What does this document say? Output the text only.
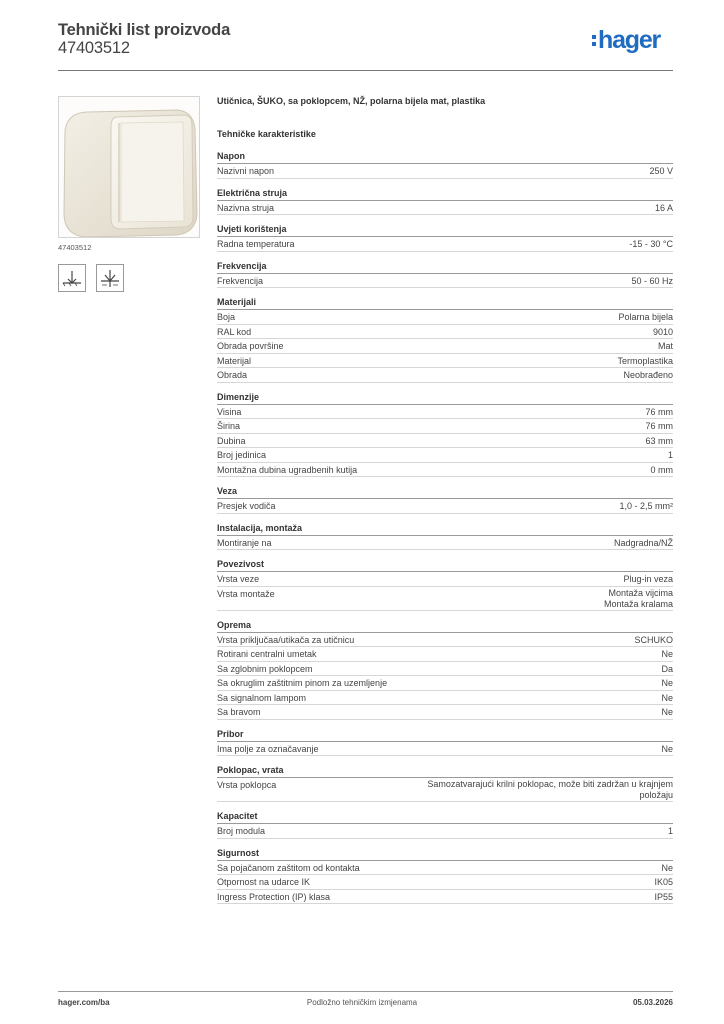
Tehnički list proizvoda
47403512	hager
47403512
Utičnica, ŠUKO, sa poklopcem, NŽ, polarna bijela mat, plastika
Tehničke karakteristike
Napon
Nazivni napon	250 V
Električna struja
Nazivna struja	16 A
Uvjeti korištenja
Radna temperatura	-15 - 30 °C
Frekvencija
Frekvencija	50 - 60 Hz
Materijali
Boja	Polarna bijela
RAL kod	9010
Obrada površine	Mat
Materijal	Termoplastika
Obrada	Neobrađeno
Dimenzije
Visina	76 mm
Širina	76 mm
Dubina	63 mm
Broj jedinica	1
Montažna dubina ugradbenih kutija	0 mm
Veza
Presjek vodiča	1,0 - 2,5 mm²
Instalacija, montaža
Montiranje na	Nadgradna/NŽ
Povezivost
Vrsta veze	Plug-in veza
Vrsta montaže	Montaža vijcima
Montaža kralama
Oprema
Vrsta priključaa/utikača za utičnicu	SCHUKO
Rotirani centralni umetak	Ne
Sa zglobnim poklopcem	Da
Sa okruglim zaštitnim pinom za uzemljenje	Ne
Sa signalnom lampom	Ne
Sa bravom	Ne
Pribor
Ima polje za označavanje	Ne
Poklopac, vrata
Vrsta poklopca	Samozatvarajući krilni poklopac, može biti zadržan u krajnjem
položaju
Kapacitet
Broj modula	1
Sigurnost
Sa pojačanom zaštitom od kontakta	Ne
Otpornost na udarce IK	IK05
Ingress Protection (IP) klasa	IP55
hager.com/ba	Podložno tehničkim izmjenama	05.03.2026
